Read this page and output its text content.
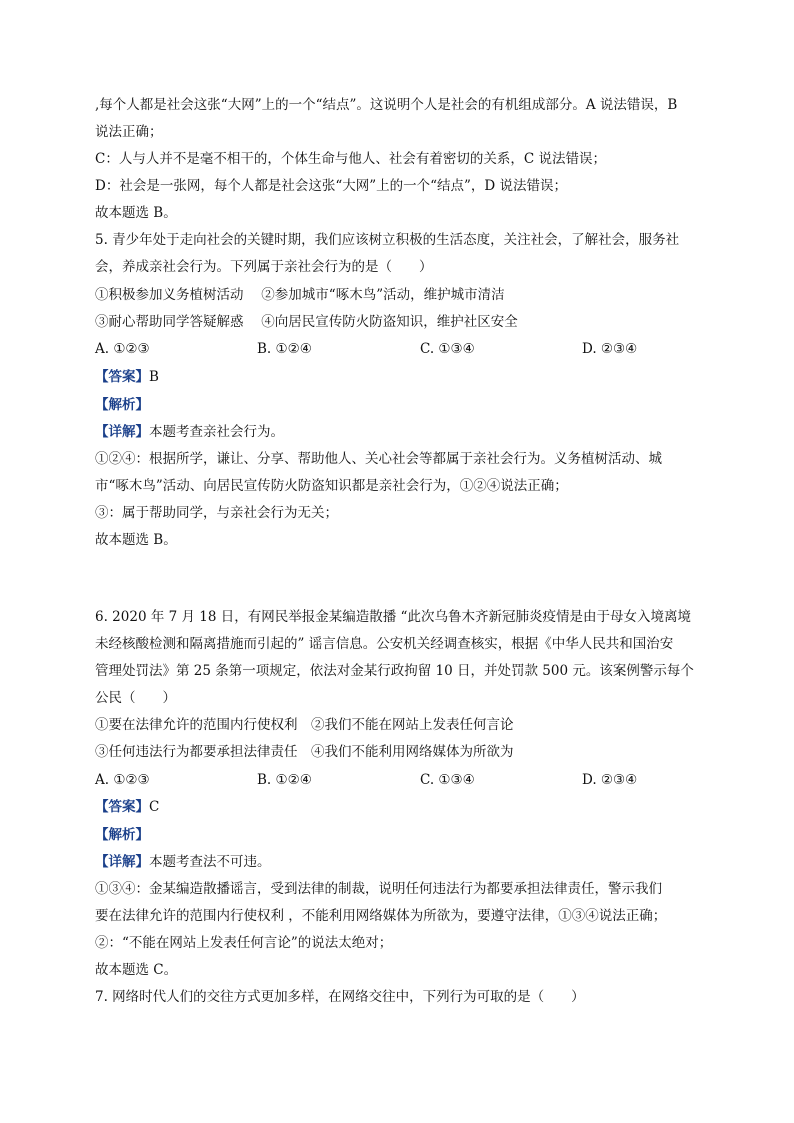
,每个人都是社会这张“大网”上的一个“结点”。这说明个人是社会的有机组成部分。A 说法错误，B
说法正确；
C：人与人并不是毫不相干的，个体生命与他人、社会有着密切的关系，C 说法错误；
D：社会是一张网，每个人都是社会这张“大网”上的一个“结点”，D 说法错误；
故本题选 B。
5. 青少年处于走向社会的关键时期，我们应该树立积极的生活态度，关注社会，了解社会，服务社
会，养成亲社会行为。下列属于亲社会行为的是（　　）
①积极参加义务植树活动　 ②参加城市“啄木鸟”活动，维护城市清洁
③耐心帮助同学答疑解惑　 ④向居民宣传防火防盗知识，维护社区安全
A. ①②③	B. ①②④	C. ①③④	D. ②③④
【答案】B
【解析】
【详解】本题考查亲社会行为。
①②④：根据所学，谦让、分享、帮助他人、关心社会等都属于亲社会行为。义务植树活动、城
市“啄木鸟”活动、向居民宣传防火防盗知识都是亲社会行为，①②④说法正确；
③：属于帮助同学，与亲社会行为无关；
故本题选 B。
6. 2020 年 7 月 18 日，有网民举报金某编造散播 “此次乌鲁木齐新冠肺炎疫情是由于母女入境离境
未经核酸检测和隔离措施而引起的” 谣言信息。公安机关经调查核实，根据《中华人民共和国治安
管理处罚法》第 25 条第一项规定，依法对金某行政拘留 10 日，并处罚款 500 元。该案例警示每个
公民（　　）
①要在法律允许的范围内行使权利　②我们不能在网站上发表任何言论
③任何违法行为都要承担法律责任　④我们不能利用网络媒体为所欲为
A. ①②③	B. ①②④	C. ①③④	D. ②③④
【答案】C
【解析】
【详解】本题考查法不可违。
①③④：金某编造散播谣言，受到法律的制裁，说明任何违法行为都要承担法律责任，警示我们
要在法律允许的范围内行使权利 ，不能利用网络媒体为所欲为，要遵守法律，①③④说法正确；
②：“不能在网站上发表任何言论”的说法太绝对；
故本题选 C。
7. 网络时代人们的交往方式更加多样，在网络交往中，下列行为可取的是（　　）
